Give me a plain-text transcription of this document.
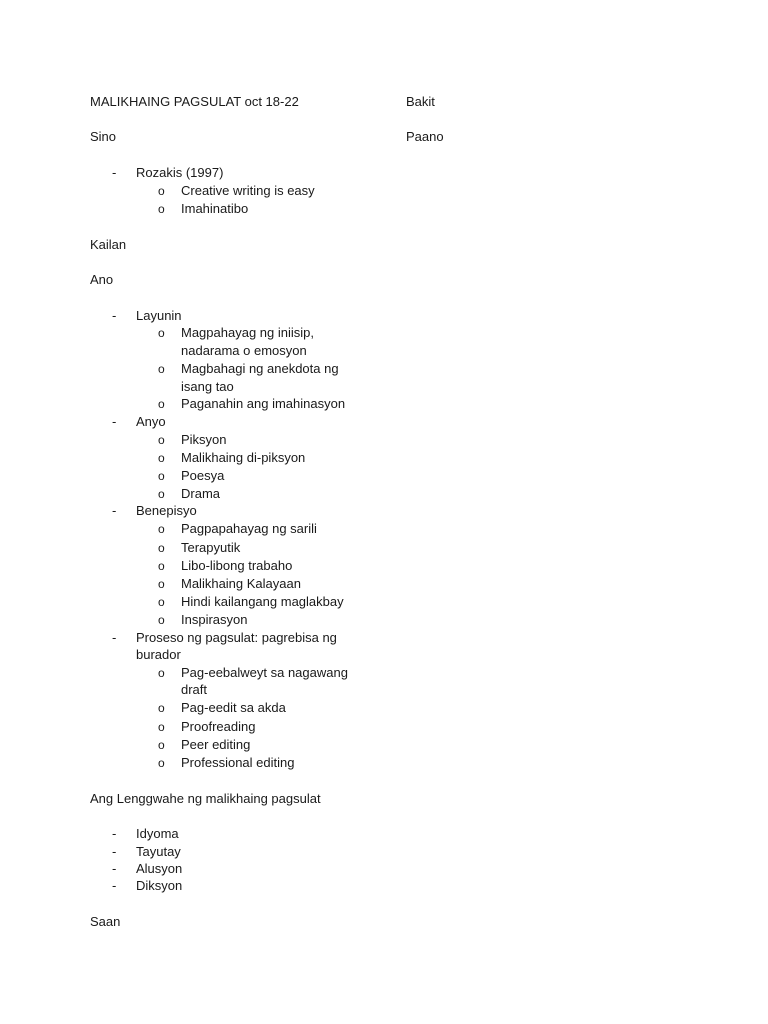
MALIKHAING PAGSULAT oct 18-22	Bakit
Sino	Paano
- Rozakis (1997)
o Creative writing is easy
o Imahinatibo
Kailan
Ano
- Layunin
o Magpahayag ng iniisip,
nadarama o emosyon
o Magbahagi ng anekdota ng
isang tao
o Paganahin ang imahinasyon
- Anyo
o Piksyon
o Malikhaing di-piksyon
o Poesya
o Drama
- Benepisyo
o Pagpapahayag ng sarili
o Terapyutik
o Libo-libong trabaho
o Malikhaing Kalayaan
o Hindi kailangang maglakbay
o Inspirasyon
- Proseso ng pagsulat: pagrebisa ng
burador
o Pag-eebalweyt sa nagawang
draft
o Pag-eedit sa akda
o Proofreading
o Peer editing
o Professional editing
Ang Lenggwahe ng malikhaing pagsulat
- Idyoma
- Tayutay
- Alusyon
- Diksyon
Saan
